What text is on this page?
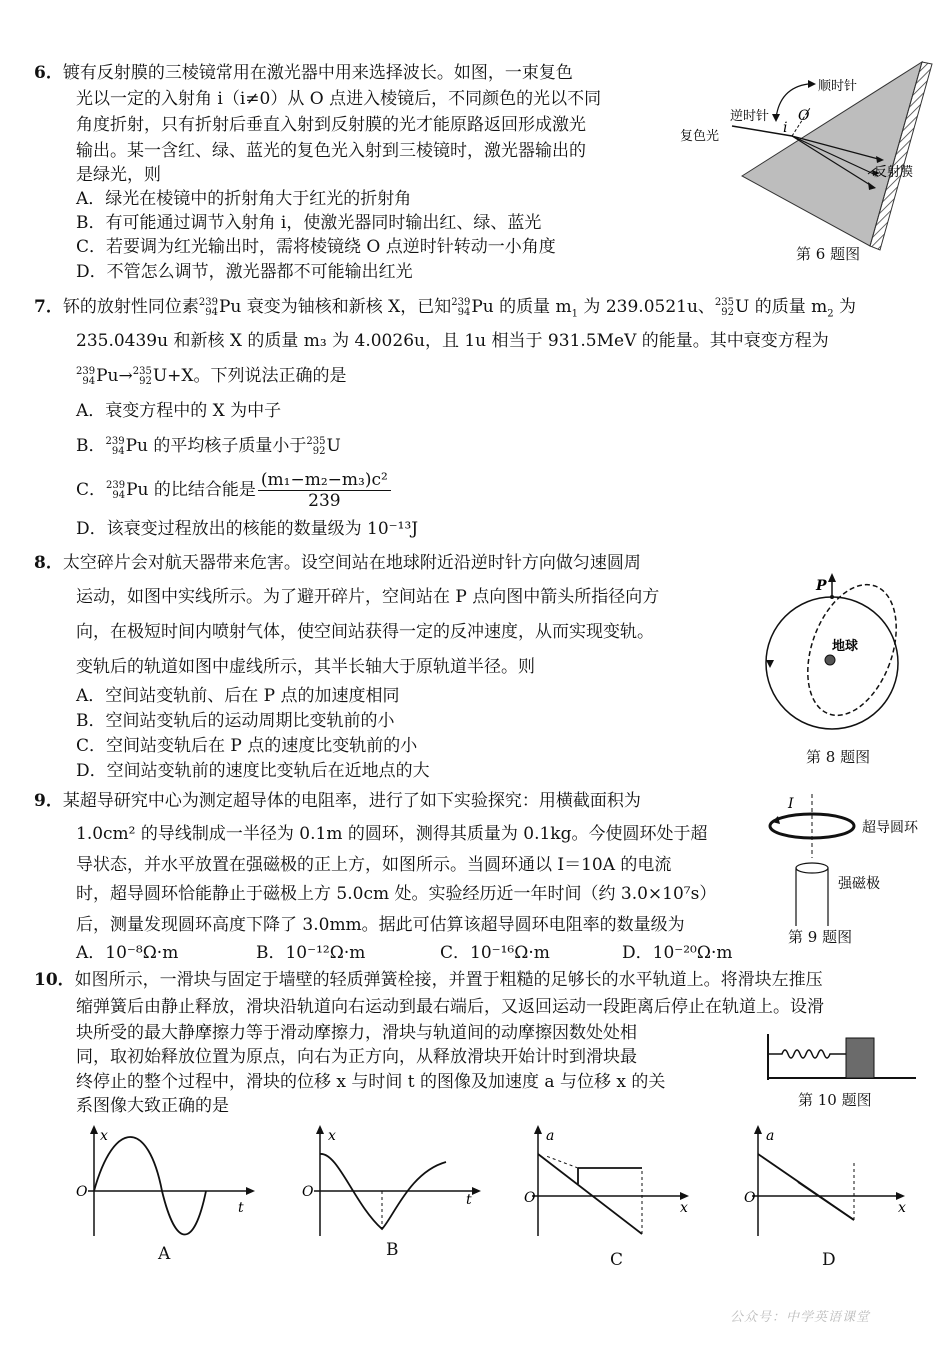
6．镀有反射膜的三棱镜常用在激光器中用来选择波长。如图，一束复色
光以一定的入射角 i（i≠0）从 O 点进入棱镜后，不同颜色的光以不同
角度折射，只有折射后垂直入射到反射膜的光才能原路返回形成激光
输出。某一含红、绿、蓝光的复色光入射到三棱镜时，激光器输出的
是绿光，则
A．绿光在棱镜中的折射角大于红光的折射角
B．有可能通过调节入射角 i，使激光器同时输出红、绿、蓝光
C．若要调为红光输出时，需将棱镜绕 O 点逆时针转动一小角度
D．不管怎么调节，激光器都不可能输出红光
顺时针
逆时针
复色光
i
O
反射膜
第 6 题图
7．钚的放射性同位素 239
94 Pu 衰变为铀核和新核 X，已知 239
94 Pu 的质量 $m_1$ 为 239.0521u、 235
92 U 的质量 $m_2$ 为
235.0439u 和新核 X 的质量 m₃ 为 4.0026u，且 1u 相当于 931.5MeV 的能量。其中衰变方程为
239
94 Pu→ 235
92 U+X。下列说法正确的是
A．衰变方程中的 X 为中子
B． 239
94 Pu 的平均核子质量小于 235
92 U
C． 239
94 Pu 的比结合能是 $\frac{\text{(m₁−m₂−m₃)c²}}{239}$
D．该衰变过程放出的核能的数量级为 10⁻¹³J
8．太空碎片会对航天器带来危害。设空间站在地球附近沿逆时针方向做匀速圆周
运动，如图中实线所示。为了避开碎片，空间站在 P 点向图中箭头所指径向方
向，在极短时间内喷射气体，使空间站获得一定的反冲速度，从而实现变轨。
变轨后的轨道如图中虚线所示，其半长轴大于原轨道半径。则
A．空间站变轨前、后在 P 点的加速度相同
B．空间站变轨后的运动周期比变轨前的小
C．空间站变轨后在 P 点的速度比变轨前的小
D．空间站变轨前的速度比变轨后在近地点的大
P
地球
第 8 题图
9．某超导研究中心为测定超导体的电阻率，进行了如下实验探究：用横截面积为
1.0cm² 的导线制成一半径为 0.1m 的圆环，测得其质量为 0.1kg。今使圆环处于超
导状态，并水平放置在强磁极的正上方，如图所示。当圆环通以 I＝10A 的电流
时，超导圆环恰能静止于磁极上方 5.0cm 处。实验经历近一年时间（约 3.0×10⁷s）
后，测量发现圆环高度下降了 3.0mm。据此可估算该超导圆环电阻率的数量级为
A．10⁻⁸Ω·m	B．10⁻¹²Ω·m	C．10⁻¹⁶Ω·m	D．10⁻²⁰Ω·m
I
超导圆环
强磁极
第 9 题图
10．如图所示，一滑块与固定于墙壁的轻质弹簧栓接，并置于粗糙的足够长的水平轨道上。将滑块左推压
缩弹簧后由静止释放，滑块沿轨道向右运动到最右端后，又返回运动一段距离后停止在轨道上。设滑
块所受的最大静摩擦力等于滑动摩擦力，滑块与轨道间的动摩擦因数处处相
同，取初始释放位置为原点，向右为正方向，从释放滑块开始计时到滑块最
终停止的整个过程中，滑块的位移 x 与时间 t 的图像及加速度 a 与位移 x 的关
系图像大致正确的是	第 10 题图
x
t
O
A
x
t
O
B
a
x
O
C
a
x
O
D
公众号：中学英语课堂
